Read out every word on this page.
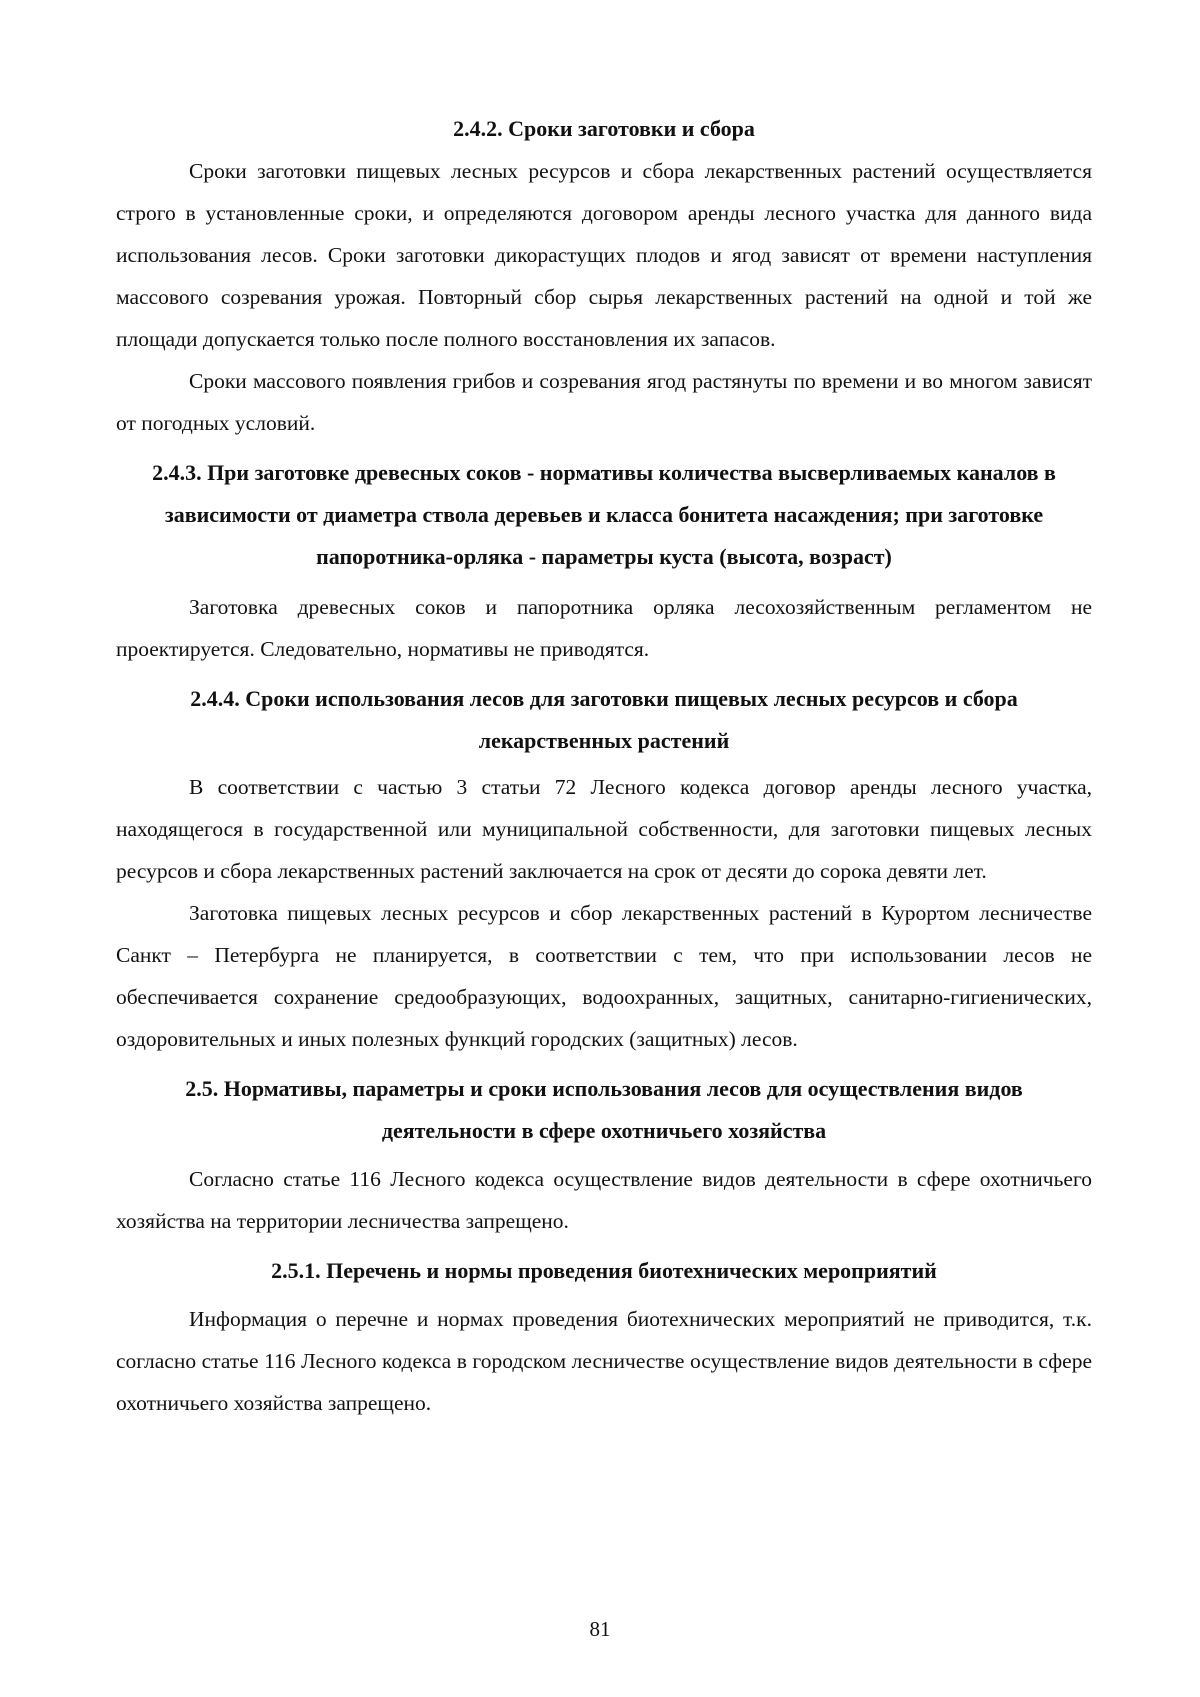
2.4.2. Сроки заготовки и сбора

Сроки заготовки пищевых лесных ресурсов и сбора лекарственных растений осуществляется строго в установленные сроки, и определяются договором аренды лесного участка для данного вида использования лесов. Сроки заготовки дикорастущих плодов и ягод зависят от времени наступления массового созревания урожая. Повторный сбор сырья лекарственных растений на одной и той же площади допускается только после полного восстановления их запасов.

Сроки массового появления грибов и созревания ягод растянуты по времени и во многом зависят от погодных условий.

2.4.3. При заготовке древесных соков - нормативы количества высверливаемых каналов в зависимости от диаметра ствола деревьев и класса бонитета насаждения; при заготовке папоротника-орляка - параметры куста (высота, возраст)

Заготовка древесных соков и папоротника орляка лесохозяйственным регламентом не проектируется. Следовательно, нормативы не приводятся.

2.4.4. Сроки использования лесов для заготовки пищевых лесных ресурсов и сбора лекарственных растений

В соответствии с частью 3 статьи 72 Лесного кодекса договор аренды лесного участка, находящегося в государственной или муниципальной собственности, для заготовки пищевых лесных ресурсов и сбора лекарственных растений заключается на срок от десяти до сорока девяти лет.

Заготовка пищевых лесных ресурсов и сбор лекарственных растений в Курортом лесничестве Санкт – Петербурга не планируется, в соответствии с тем, что при использовании лесов не обеспечивается сохранение средообразующих, водоохранных, защитных, санитарно-гигиенических, оздоровительных и иных полезных функций городских (защитных) лесов.

2.5. Нормативы, параметры и сроки использования лесов для осуществления видов деятельности в сфере охотничьего хозяйства

Согласно статье 116 Лесного кодекса осуществление видов деятельности в сфере охотничьего хозяйства на территории лесничества запрещено.

2.5.1. Перечень и нормы проведения биотехнических мероприятий

Информация о перечне и нормах проведения биотехнических мероприятий не приводится, т.к. согласно статье 116 Лесного кодекса в городском лесничестве осуществление видов деятельности в сфере охотничьего хозяйства запрещено.

81
